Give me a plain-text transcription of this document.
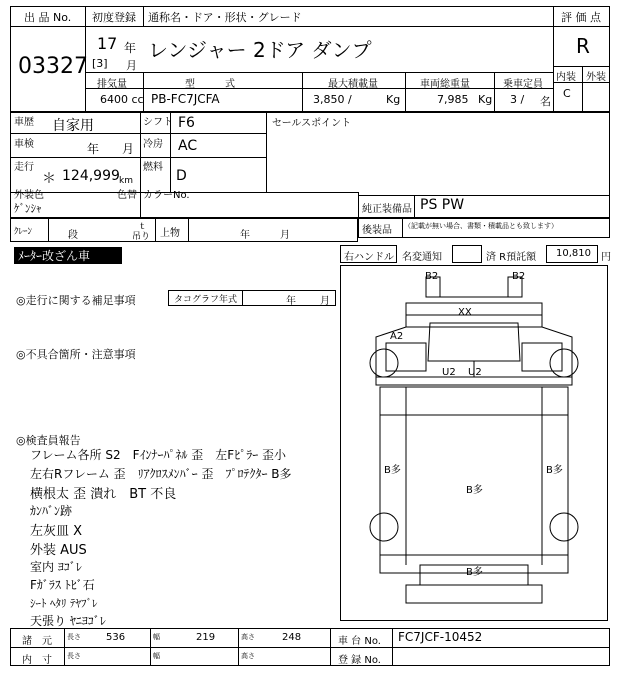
出 品 No.
03327
初度登録 通称名・ドア・形状・グレード
17 年
[3] 月
レンジャー 2ドア ダンプ
評 価 点
R
内装 外装
C
排気量
6400 cc
型　　　式
PB-FC7JCFA
最大積載量
3,850 /	Kg
車両総重量
7,985 Kg
乗車定員
3 / 名
車歴 自家用	シフト F6
車検	年 月 冷房 AC
走行
＊ 124,999 km
燃料
D
外装色
ｹﾞﾝｼｬ
色替 カラーNo.
セールスポイント
純正装備品 PS PW
後装品 （記載が無い場合、書類・積載品とも致します）
ｸﾚｰﾝ	段
ｔ
吊り 上物	年	月
ﾒｰﾀｰ改ざん車	右ハンドル 名変通知	済 R預託額 10,810 円
◎走行に関する補足事項	タコグラフ年式	年 月
◎不具合箇所・注意事項
◎検査員報告
フレーム各所 S2　Fｲﾝﾅｰﾊﾟﾈﾙ 歪　左Fﾋﾟﾗｰ 歪小
左右Rフレーム 歪　ﾘｱｸﾛｽﾒﾝﾊﾞｰ 歪　ﾌﾟﾛﾃｸﾀｰ B多
横根太 歪 潰れ　BT 不良
ｶﾝﾊﾞﾝ跡
左灰皿 X
外装 AUS
室内 ﾖｺﾞﾚ
Fｶﾞﾗｽ ﾄﾋﾞ石
ｼｰﾄ ﾍﾀﾘ ﾃﾔﾌﾞﾚ
天張り ﾔﾆﾖｺﾞﾚ
B2	B2
XX
A2
U2 U2
B多	B多
B多
B多
諸　元 長さ	536	幅	219	高さ	248	車 台 No. FC7JCF-10452
内　寸 長さ	幅	高さ	登 録 No.
